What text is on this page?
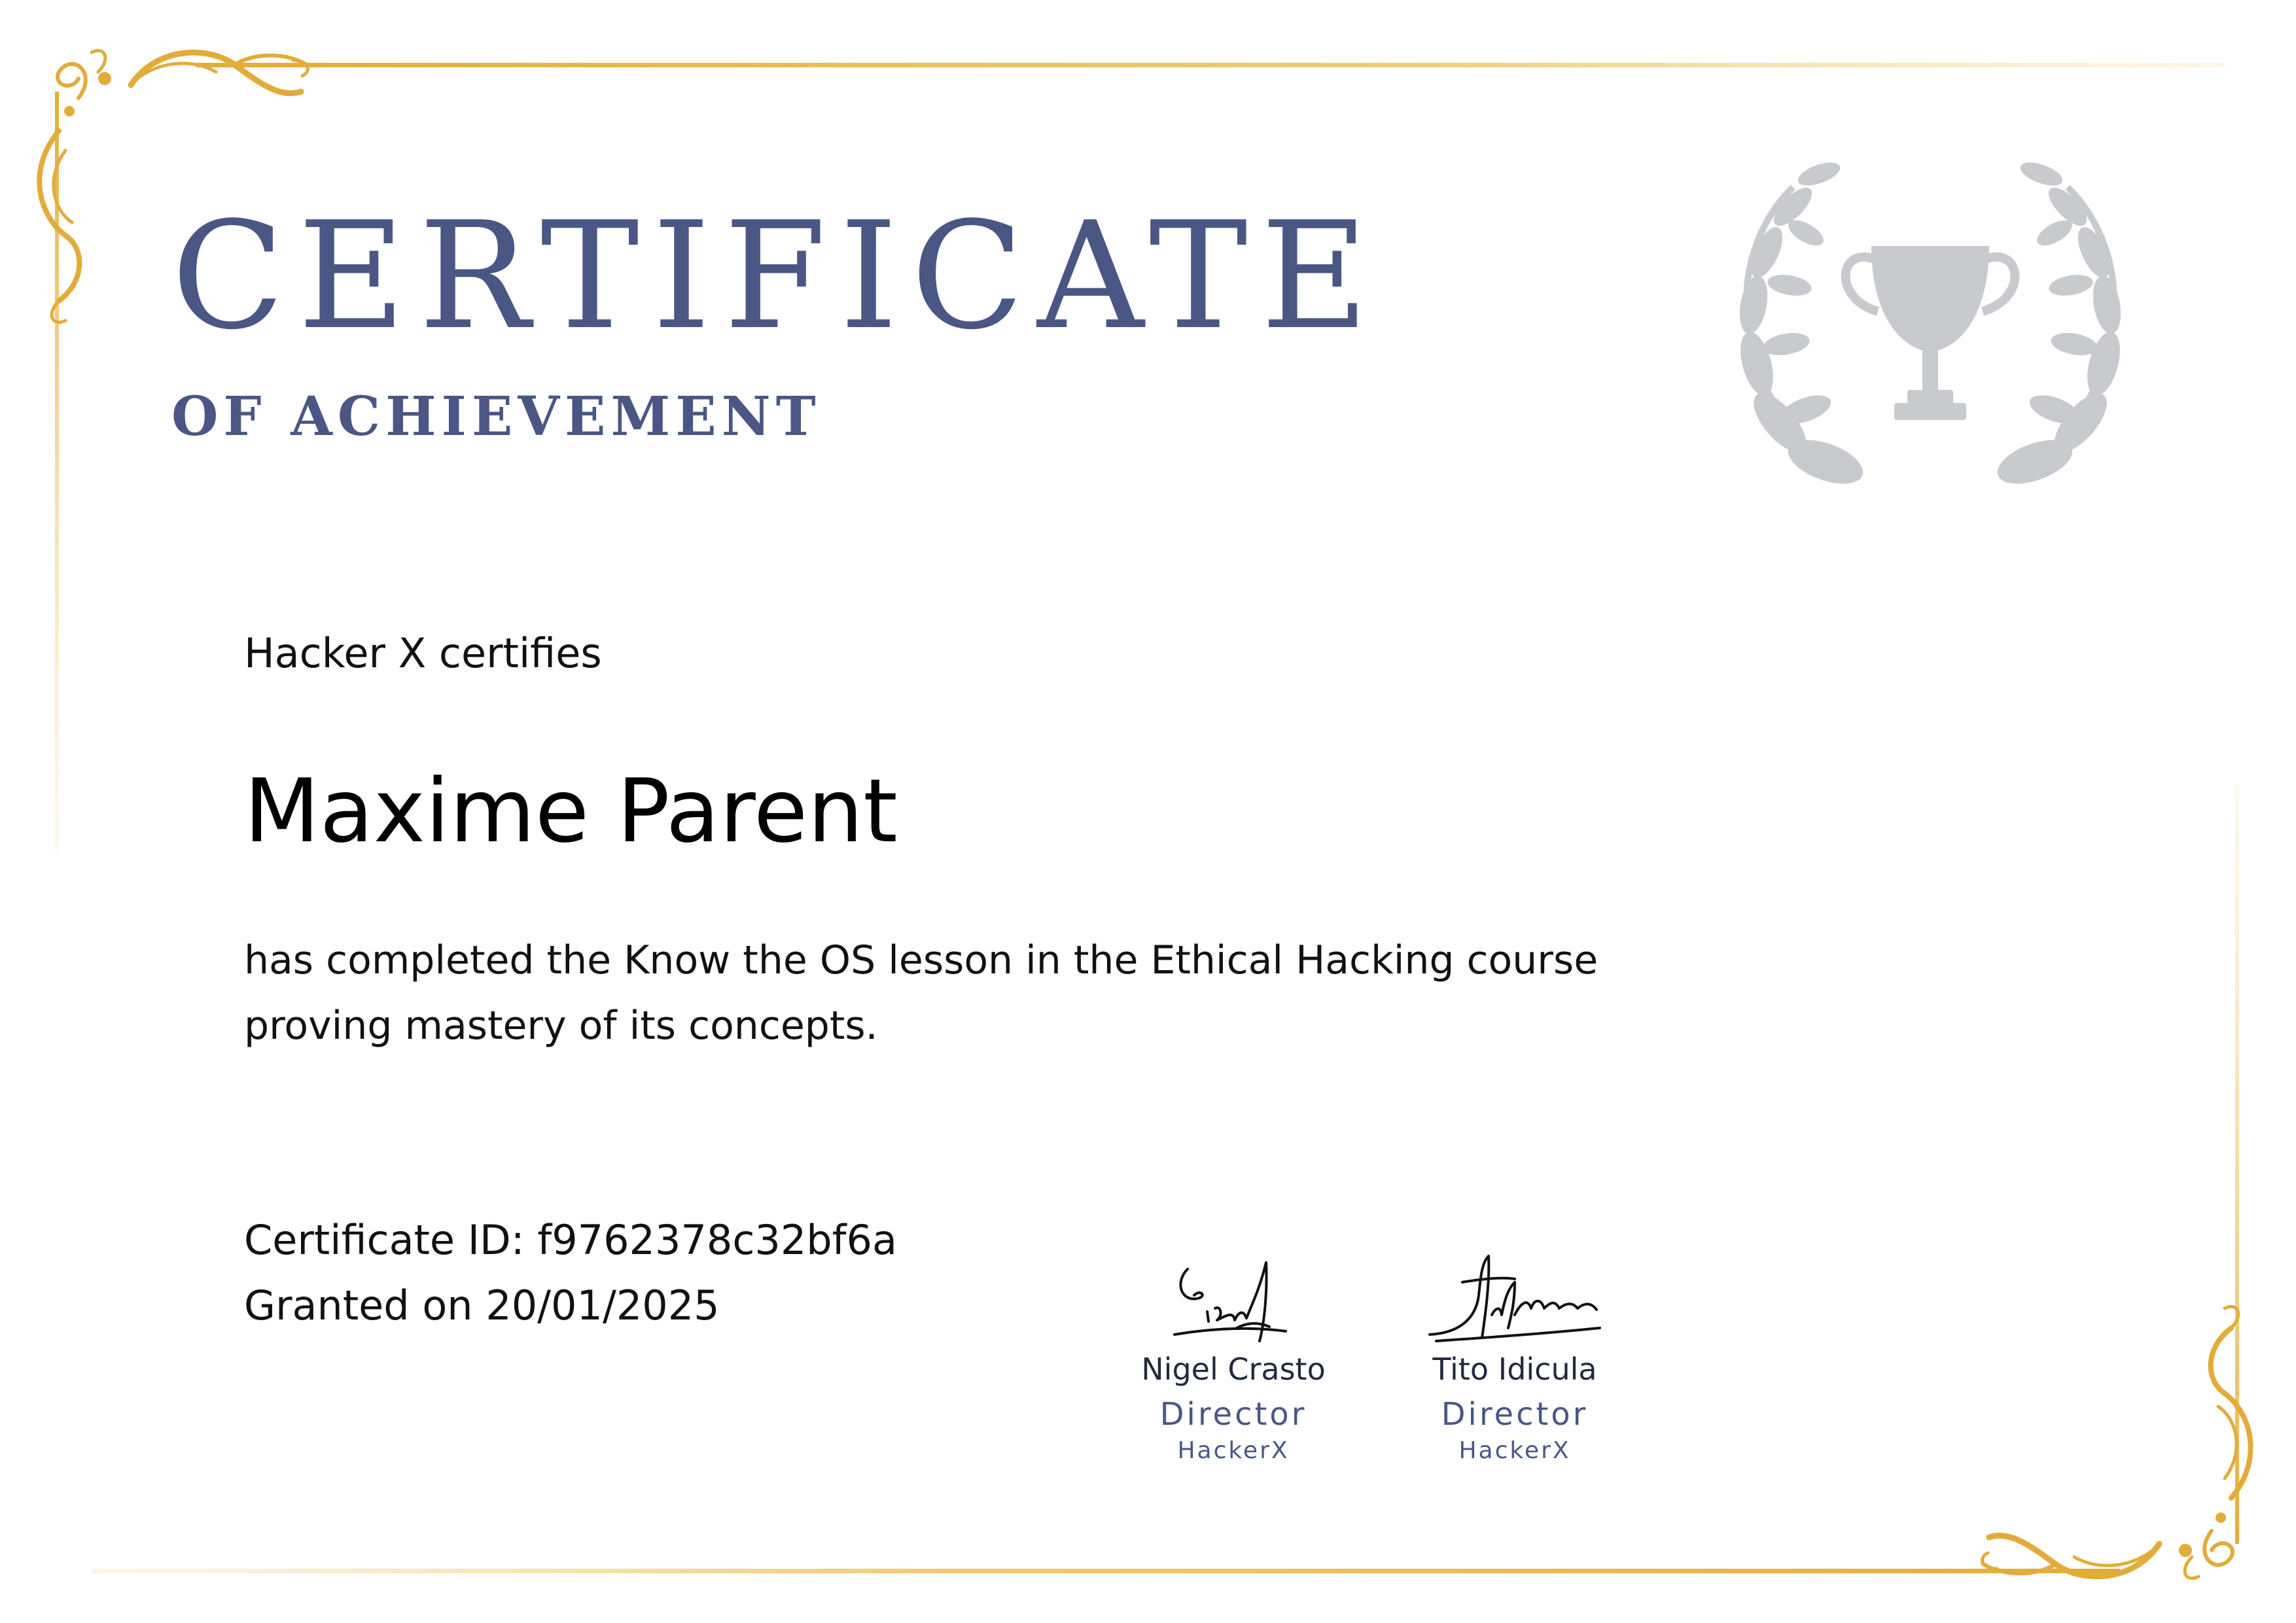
CERTIFICATE
OF ACHIEVEMENT

Hacker X certifies

Maxime Parent

has completed the Know the OS lesson in the Ethical Hacking course
proving mastery of its concepts.

Certificate ID: f9762378c32bf6a

Granted on 20/01/2025

Nigel Crasto
Director
HackerX
Tito Idicula
Director
HackerX
